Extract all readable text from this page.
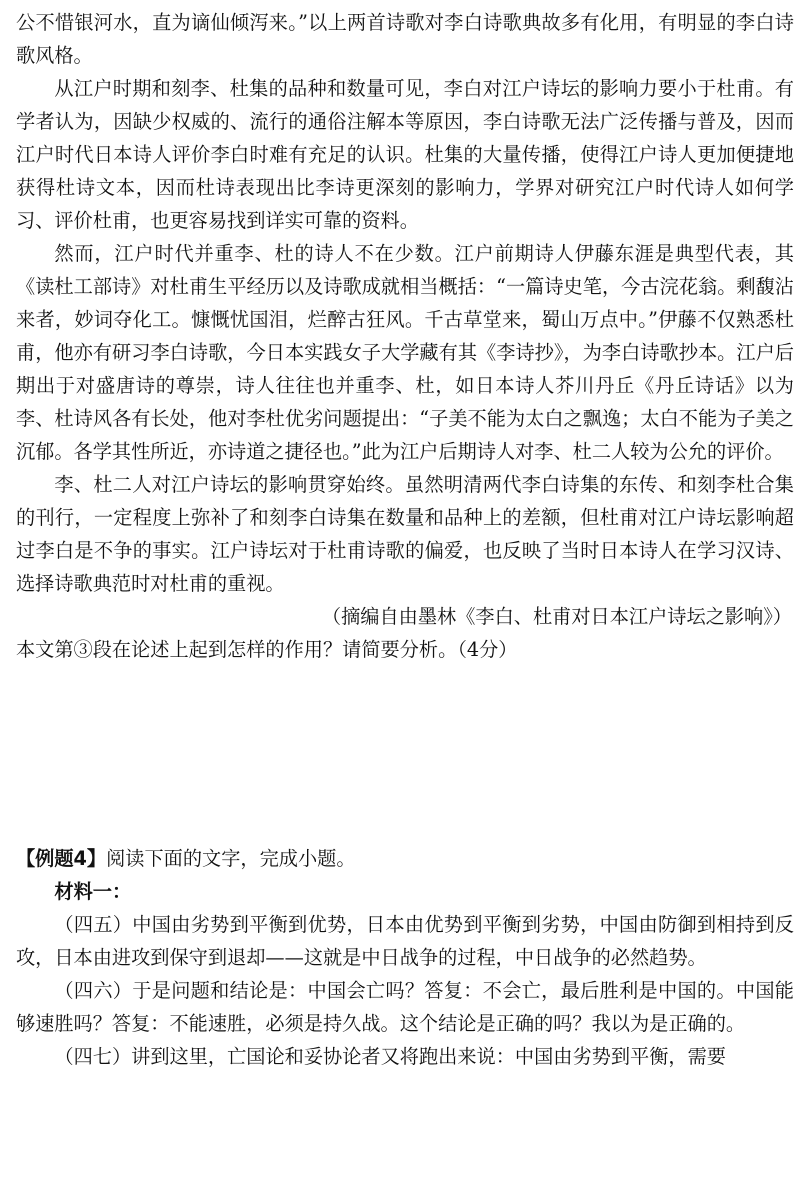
公不惜银河水，直为谪仙倾泻来。”以上两首诗歌对李白诗歌典故多有化用，有明显的李白诗歌风格。

从江户时期和刻李、杜集的品种和数量可见，李白对江户诗坛的影响力要小于杜甫。有学者认为，因缺少权威的、流行的通俗注解本等原因，李白诗歌无法广泛传播与普及，因而江户时代日本诗人评价李白时难有充足的认识。杜集的大量传播，使得江户诗人更加便捷地获得杜诗文本，因而杜诗表现出比李诗更深刻的影响力，学界对研究江户时代诗人如何学习、评价杜甫，也更容易找到详实可靠的资料。

然而，江户时代并重李、杜的诗人不在少数。江户前期诗人伊藤东涯是典型代表，其《读杜工部诗》对杜甫生平经历以及诗歌成就相当概括：“一篇诗史笔，今古浣花翁。剩馥沾来者，妙词夺化工。慷慨忧国泪，烂醉古狂风。千古草堂来，蜀山万点中。”伊藤不仅熟悉杜甫，他亦有研习李白诗歌，今日本实践女子大学藏有其《李诗抄》，为李白诗歌抄本。江户后期出于对盛唐诗的尊崇，诗人往往也并重李、杜，如日本诗人芥川丹丘《丹丘诗话》以为李、杜诗风各有长处，他对李杜优劣问题提出：“子美不能为太白之飘逸；太白不能为子美之沉郁。各学其性所近，亦诗道之捷径也。”此为江户后期诗人对李、杜二人较为公允的评价。

李、杜二人对江户诗坛的影响贯穿始终。虽然明清两代李白诗集的东传、和刻李杜合集的刊行，一定程度上弥补了和刻李白诗集在数量和品种上的差额，但杜甫对江户诗坛影响超过李白是不争的事实。江户诗坛对于杜甫诗歌的偏爱，也反映了当时日本诗人在学习汉诗、选择诗歌典范时对杜甫的重视。

（摘编自由墨林《李白、杜甫对日本江户诗坛之影响》）

本文第③段在论述上起到怎样的作用？请简要分析。（4分）

【例题4】阅读下面的文字，完成小题。

材料一：

（四五）中国由劣势到平衡到优势，日本由优势到平衡到劣势，中国由防御到相持到反攻，日本由进攻到保守到退却——这就是中日战争的过程，中日战争的必然趋势。

（四六）于是问题和结论是：中国会亡吗？答复：不会亡，最后胜利是中国的。中国能够速胜吗？答复：不能速胜，必须是持久战。这个结论是正确的吗？我以为是正确的。

（四七）讲到这里，亡国论和妥协论者又将跑出来说：中国由劣势到平衡，需要
